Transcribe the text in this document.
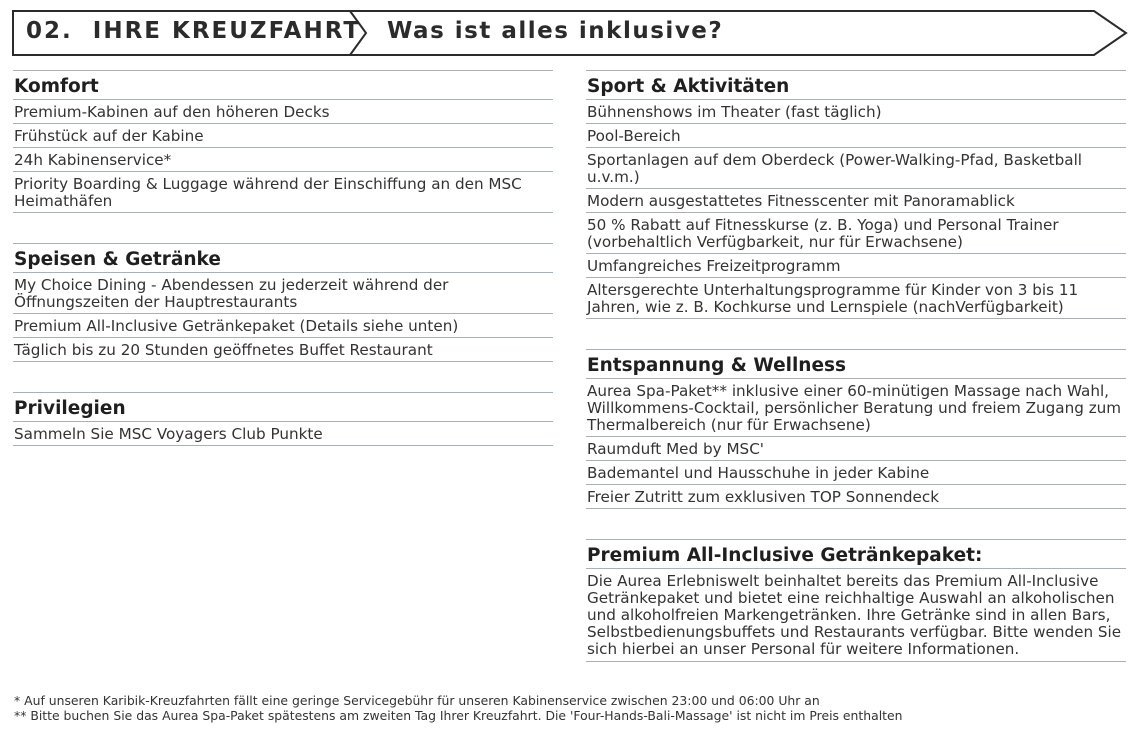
02. IHRE KREUZFAHRT Was ist alles inklusive?
Komfort
Premium-Kabinen auf den höheren Decks
Frühstück auf der Kabine
24h Kabinenservice*
Priority Boarding & Luggage während der Einschiffung an den MSC Heimathäfen
Speisen & Getränke
My Choice Dining - Abendessen zu jederzeit während der Öffnungszeiten der Hauptrestaurants
Premium All-Inclusive Getränkepaket (Details siehe unten)
Täglich bis zu 20 Stunden geöffnetes Buffet Restaurant
Privilegien
Sammeln Sie MSC Voyagers Club Punkte
Sport & Aktivitäten
Bühnenshows im Theater (fast täglich)
Pool-Bereich
Sportanlagen auf dem Oberdeck (Power-Walking-Pfad, Basketball u.v.m.)
Modern ausgestattetes Fitnesscenter mit Panoramablick
50 % Rabatt auf Fitnesskurse (z. B. Yoga) und Personal Trainer (vorbehaltlich Verfügbarkeit, nur für Erwachsene)
Umfangreiches Freizeitprogramm
Altersgerechte Unterhaltungsprogramme für Kinder von 3 bis 11 Jahren, wie z. B. Kochkurse und Lernspiele (nachVerfügbarkeit)
Entspannung & Wellness
Aurea Spa-Paket** inklusive einer 60-minütigen Massage nach Wahl, Willkommens-Cocktail, persönlicher Beratung und freiem Zugang zum Thermalbereich (nur für Erwachsene)
Raumduft Med by MSC'
Bademantel und Hausschuhe in jeder Kabine
Freier Zutritt zum exklusiven TOP Sonnendeck
Premium All-Inclusive Getränkepaket:
Die Aurea Erlebniswelt beinhaltet bereits das Premium All-Inclusive Getränkepaket und bietet eine reichhaltige Auswahl an alkoholischen und alkoholfreien Markengetränken. Ihre Getränke sind in allen Bars, Selbstbedienungsbuffets und Restaurants verfügbar. Bitte wenden Sie sich hierbei an unser Personal für weitere Informationen.
* Auf unseren Karibik-Kreuzfahrten fällt eine geringe Servicegebühr für unseren Kabinenservice zwischen 23:00 und 06:00 Uhr an
** Bitte buchen Sie das Aurea Spa-Paket spätestens am zweiten Tag Ihrer Kreuzfahrt. Die 'Four-Hands-Bali-Massage' ist nicht im Preis enthalten
